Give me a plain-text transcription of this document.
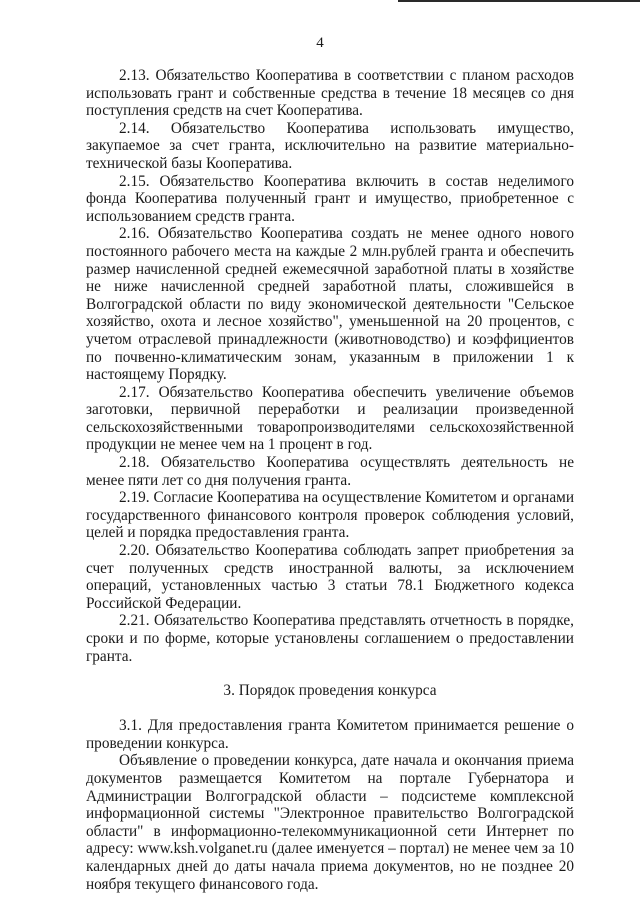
4

2.13. Обязательство Кооператива в соответствии с планом расходов использовать грант и собственные средства в течение 18 месяцев со дня поступления средств на счет Кооператива.

2.14. Обязательство Кооператива использовать имущество, закупаемое за счет гранта, исключительно на развитие материально-технической базы Кооператива.

2.15. Обязательство Кооператива включить в состав неделимого фонда Кооператива полученный грант и имущество, приобретенное с использованием средств гранта.

2.16. Обязательство Кооператива создать не менее одного нового постоянного рабочего места на каждые 2 млн.рублей гранта и обеспечить размер начисленной средней ежемесячной заработной платы в хозяйстве не ниже начисленной средней заработной платы, сложившейся в Волгоградской области по виду экономической деятельности "Сельское хозяйство, охота и лесное хозяйство", уменьшенной на 20 процентов, с учетом отраслевой принадлежности (животноводство) и коэффициентов по почвенно-климатическим зонам, указанным в приложении 1 к настоящему Порядку.

2.17. Обязательство Кооператива обеспечить увеличение объемов заготовки, первичной переработки и реализации произведенной сельскохозяйственными товаропроизводителями сельскохозяйственной продукции не менее чем на 1 процент в год.

2.18. Обязательство Кооператива осуществлять деятельность не менее пяти лет со дня получения гранта.

2.19. Согласие Кооператива на осуществление Комитетом и органами государственного финансового контроля проверок соблюдения условий, целей и порядка предоставления гранта.

2.20. Обязательство Кооператива соблюдать запрет приобретения за счет полученных средств иностранной валюты, за исключением операций, установленных частью 3 статьи 78.1 Бюджетного кодекса Российской Федерации.

2.21. Обязательство Кооператива представлять отчетность в порядке, сроки и по форме, которые установлены соглашением о предоставлении гранта.

3. Порядок проведения конкурса

3.1. Для предоставления гранта Комитетом принимается решение о проведении конкурса.

Объявление о проведении конкурса, дате начала и окончания приема документов размещается Комитетом на портале Губернатора и Администрации Волгоградской области – подсистеме комплексной информационной системы "Электронное правительство Волгоградской области" в информационно-телекоммуникационной сети Интернет по адресу: www.ksh.volganet.ru (далее именуется – портал) не менее чем за 10 календарных дней до даты начала приема документов, но не позднее 20 ноября текущего финансового года.
